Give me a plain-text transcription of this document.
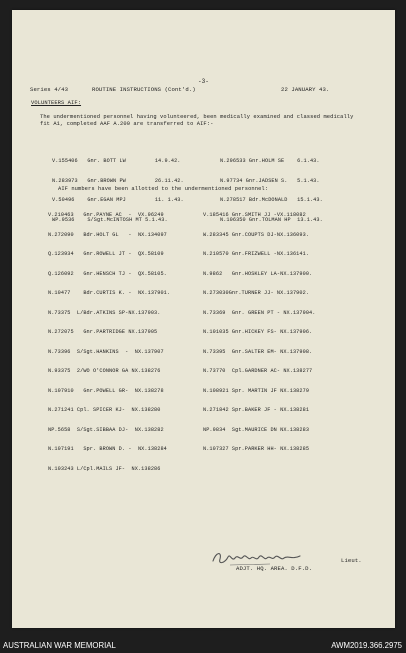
-3-
Series 4/43	ROUTINE INSTRUCTIONS (Cont'd.)	22 JANUARY 43.
VOLUNTEERS AIF:
The undermentioned personnel having volunteered, been medically examined and classed medically fit A1, completed AAF A.200 are transferred to AIF:-

V.155406   Gnr. BOTT LW         14.9.42.

N.283973   Gnr.BROWN PW         26.11.42.

V.50496    Gnr.EGAN MPJ         11. 1.43.

WP.9536    S/Sgt.McINTOSH MT 5.1.43.

N.296533 Gnr.HOLM SE    6.1.43.

N.97734 Gnr.JADSEN S.   5.1.43.

N.278517 Bdr.McDONALD   15.1.43.

N.106350 Gnr.TOLMAN HP  13.1.43.

AIF numbers have been allotted to the undermentioned personnel:

V.210463   Gnr.PAYNE AC  -  VX.96249

N.272090   Bdr.HOLT GL   -  NX.134097

Q.123934   Gnr.ROWELL JT -  QX.58109

Q.126092   Gnr.HENSCH TJ -  QX.58105.

N.10477    Bdr.CURTIS K. -  NX.137901.

N.73375  L/Bdr.ATKINS SP-NX.137903.

N.272075   Gnr.PARTRIDGE NX.137905

N.73396  S/Sgt.HANKINS  -  NX.137907

N.93375  2/WO O'CONNOR GA NX.138276

N.107910   Gnr.POWELL GR-  NX.138278

N.271241 Cpl. SPICER KJ-  NX.138280

NP.5658  S/Sgt.SIBBAA DJ-  NX.138282

N.107191   Spr. BROWN D. -  NX.138284

N.103243 L/Cpl.MAILS JF-  NX.138286

V.185416 Gnr.SMITH JJ -VX.118082

W.283345 Gnr.COUPTS DJ-NX.136093.

N.210570 Gnr.FRIZWELL -NX.136141.

N.9862   Gnr.HOSKLEY LA-NX.137900.

N.273030Gnr.TURNER JJ- NX.137902.

N.73369  Gnr. GREEN PT - NX.137904.

N.101035 Gnr.HICKEY FS- NX.137906.

N.73395  Gnr.SALTER EM- NX.137908.

N.73770  Cpl.GARDNER AC- NX.138277

N.108921 Spr. MARTIN JF NX.138279

N.271842 Spr.BAKER JF - NX.138281

NP.9834  Sgt.MAURICE DN NX.138283

N.107327 Spr.PARKER HH- NX.138285

Lieut.
ADJT. HQ. AREA. D.F.D.
AUSTRALIAN WAR MEMORIAL	AWM2019.366.2975
